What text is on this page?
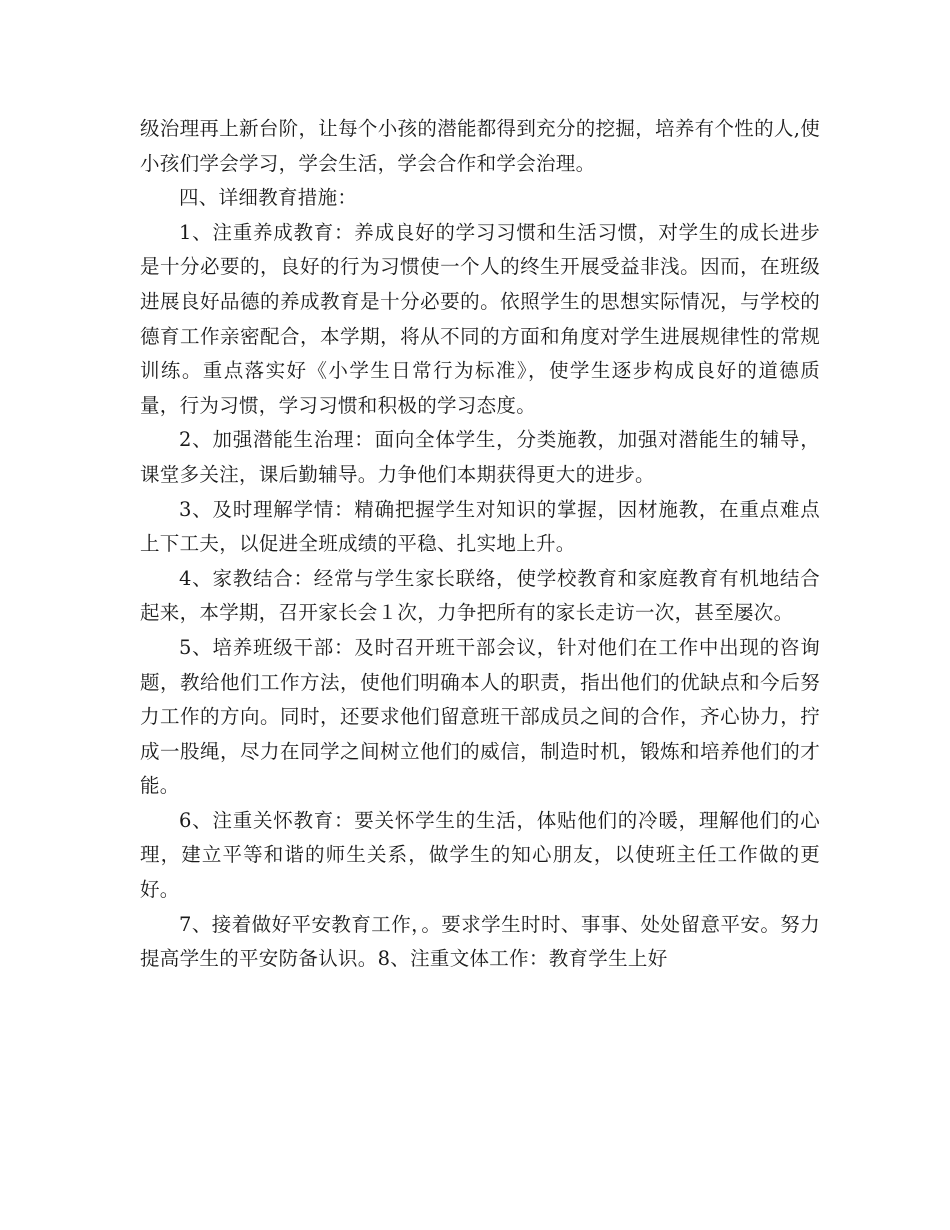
级治理再上新台阶，让每个小孩的潜能都得到充分的挖掘，培养有个性的人,使小孩们学会学习，学会生活，学会合作和学会治理。

四、详细教育措施：

1、注重养成教育：养成良好的学习习惯和生活习惯，对学生的成长进步是十分必要的，良好的行为习惯使一个人的终生开展受益非浅。因而，在班级进展良好品德的养成教育是十分必要的。依照学生的思想实际情况，与学校的德育工作亲密配合，本学期，将从不同的方面和角度对学生进展规律性的常规训练。重点落实好《小学生日常行为标准》，使学生逐步构成良好的道德质量，行为习惯，学习习惯和积极的学习态度。

2、加强潜能生治理：面向全体学生，分类施教，加强对潜能生的辅导，课堂多关注，课后勤辅导。力争他们本期获得更大的进步。

3、及时理解学情：精确把握学生对知识的掌握，因材施教，在重点难点上下工夫，以促进全班成绩的平稳、扎实地上升。

4、家教结合：经常与学生家长联络，使学校教育和家庭教育有机地结合起来，本学期，召开家长会１次，力争把所有的家长走访一次，甚至屡次。

5、培养班级干部：及时召开班干部会议，针对他们在工作中出现的咨询题，教给他们工作方法，使他们明确本人的职责，指出他们的优缺点和今后努力工作的方向。同时，还要求他们留意班干部成员之间的合作，齐心协力，拧成一股绳，尽力在同学之间树立他们的威信，制造时机，锻炼和培养他们的才能。

6、注重关怀教育：要关怀学生的生活，体贴他们的冷暖，理解他们的心理，建立平等和谐的师生关系，做学生的知心朋友，以使班主任工作做的更好。

7、接着做好平安教育工作，。要求学生时时、事事、处处留意平安。努力提高学生的平安防备认识。8、注重文体工作：教育学生上好
